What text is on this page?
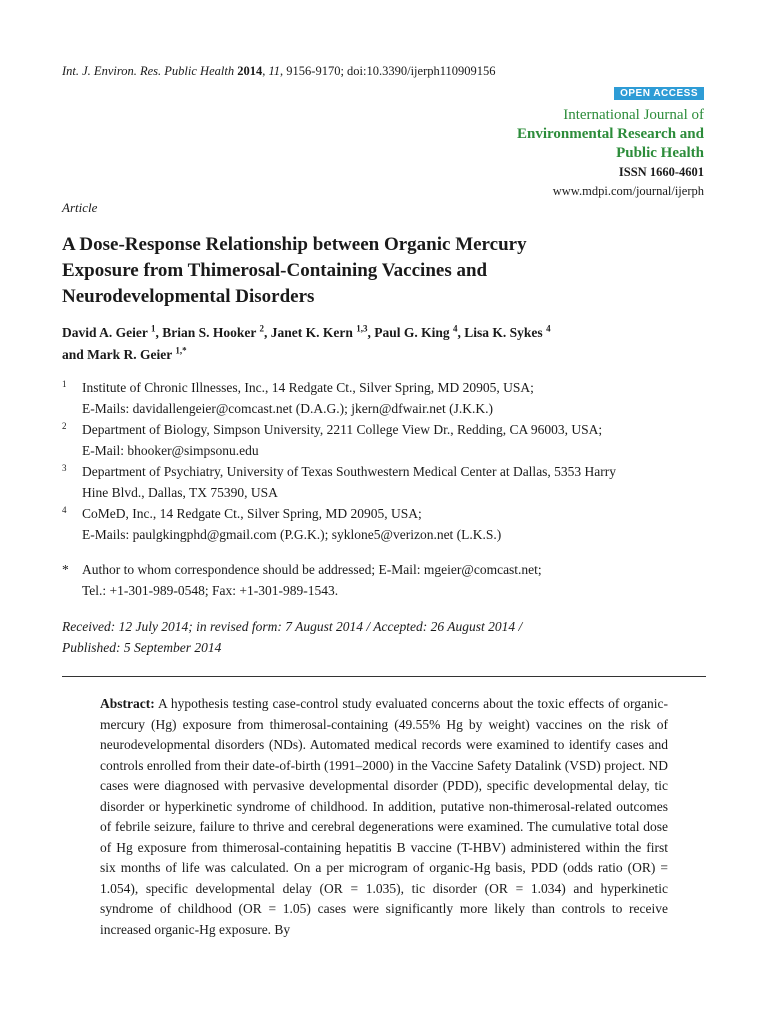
Int. J. Environ. Res. Public Health 2014, 11, 9156-9170; doi:10.3390/ijerph110909156
OPEN ACCESS
International Journal of
Environmental Research and
Public Health
ISSN 1660-4601
www.mdpi.com/journal/ijerph
Article
A Dose-Response Relationship between Organic Mercury
Exposure from Thimerosal-Containing Vaccines and
Neurodevelopmental Disorders
David A. Geier $^1$, Brian S. Hooker $^2$, Janet K. Kern $^{1,3}$, Paul G. King $^4$, Lisa K. Sykes $^4$
and Mark R. Geier $^{1,*}$
1 Institute of Chronic Illnesses, Inc., 14 Redgate Ct., Silver Spring, MD 20905, USA;
E-Mails: davidallengeier@comcast.net (D.A.G.); jkern@dfwair.net (J.K.K.)
2 Department of Biology, Simpson University, 2211 College View Dr., Redding, CA 96003, USA;
E-Mail: bhooker@simpsonu.edu
3 Department of Psychiatry, University of Texas Southwestern Medical Center at Dallas, 5353 Harry
Hine Blvd., Dallas, TX 75390, USA
4 CoMeD, Inc., 14 Redgate Ct., Silver Spring, MD 20905, USA;
E-Mails: paulgkingphd@gmail.com (P.G.K.); syklone5@verizon.net (L.K.S.)
* Author to whom correspondence should be addressed; E-Mail: mgeier@comcast.net;
Tel.: +1-301-989-0548; Fax: +1-301-989-1543.
Received: 12 July 2014; in revised form: 7 August 2014 / Accepted: 26 August 2014 /
Published: 5 September 2014
Abstract: A hypothesis testing case-control study evaluated concerns about the toxic effects of organic-mercury (Hg) exposure from thimerosal-containing (49.55% Hg by weight) vaccines on the risk of neurodevelopmental disorders (NDs). Automated medical records were examined to identify cases and controls enrolled from their date-of-birth (1991–2000) in the Vaccine Safety Datalink (VSD) project. ND cases were diagnosed with pervasive developmental disorder (PDD), specific developmental delay, tic disorder or hyperkinetic syndrome of childhood. In addition, putative non-thimerosal-related outcomes of febrile seizure, failure to thrive and cerebral degenerations were examined. The cumulative total dose of Hg exposure from thimerosal-containing hepatitis B vaccine (T-HBV) administered within the first six months of life was calculated. On a per microgram of organic-Hg basis, PDD (odds ratio (OR) = 1.054), specific developmental delay (OR = 1.035), tic disorder (OR = 1.034) and hyperkinetic syndrome of childhood (OR = 1.05) cases were significantly more likely than controls to receive increased organic-Hg exposure. By
